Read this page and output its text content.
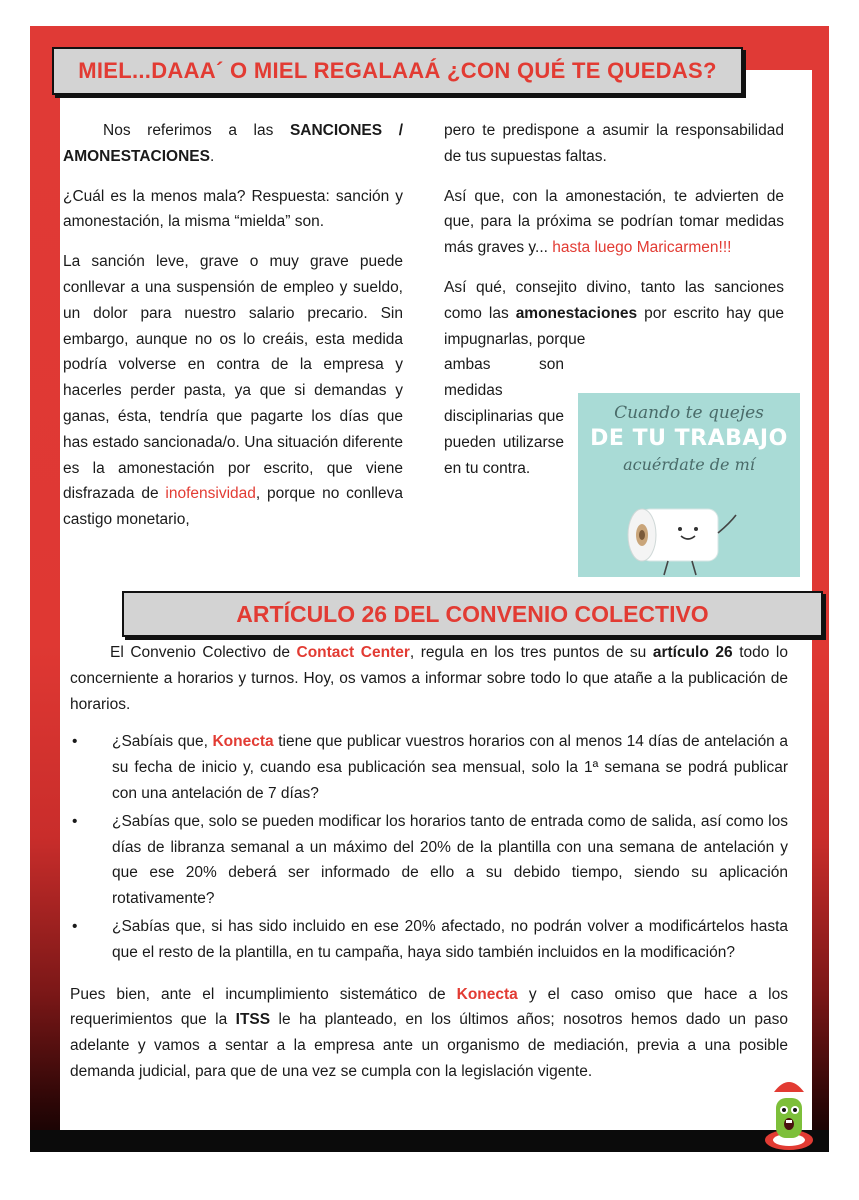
MIEL...DAAA´ O MIEL REGALAAÁ ¿CON QUÉ TE QUEDAS?

Nos referimos a las SANCIONES / AMONESTACIONES.

¿Cuál es la menos mala? Respuesta: sanción y amonestación, la misma “mielda” son.

La sanción leve, grave o muy grave puede conllevar a una suspensión de empleo y sueldo, un dolor para nuestro salario precario. Sin embargo, aunque no os lo creáis, esta medida podría volverse en contra de la empresa y hacerles perder pasta, ya que si demandas y ganas, ésta, tendría que pagarte los días que has estado sancionada/o. Una situación diferente es la amonestación por escrito, que viene disfrazada de inofensividad, porque no conlleva castigo monetario,

pero te predispone a asumir la responsabilidad de tus supuestas faltas.

Así que, con la amonestación, te advierten de que, para la próxima se podrían tomar medidas más graves y... hasta luego Maricarmen!!!

Así qué, consejito divino, tanto las sanciones como las amonestaciones por escrito hay que impugnarlas, porque

ambas son medidas disciplinarias que pueden utilizarse en tu contra.

Cuando te quejes
DE TU TRABAJO
acuérdate de mí
ARTÍCULO 26 DEL CONVENIO COLECTIVO

El Convenio Colectivo de Contact Center, regula en los tres puntos de su artículo 26 todo lo concerniente a horarios y turnos. Hoy, os vamos a informar sobre todo lo que atañe a la publicación de horarios.

• ¿Sabíais que, Konecta tiene que publicar vuestros horarios con al menos 14 días de antelación a su fecha de inicio y, cuando esa publicación sea mensual, solo la 1ª semana se podrá publicar con una antelación de 7 días?
• ¿Sabías que, solo se pueden modificar los horarios tanto de entrada como de salida, así como los días de libranza semanal a un máximo del 20% de la plantilla con una semana de antelación y que ese 20% deberá ser informado de ello a su debido tiempo, siendo su aplicación rotativamente?
• ¿Sabías que, si has sido incluido en ese 20% afectado, no podrán volver a modificártelos hasta que el resto de la plantilla, en tu campaña, haya sido también incluidos en la modificación?

Pues bien, ante el incumplimiento sistemático de Konecta y el caso omiso que hace a los requerimientos que la ITSS le ha planteado, en los últimos años; nosotros hemos dado un paso adelante y vamos a sentar a la empresa ante un organismo de mediación, previa a una posible demanda judicial, para que de una vez se cumpla con la legislación vigente.
